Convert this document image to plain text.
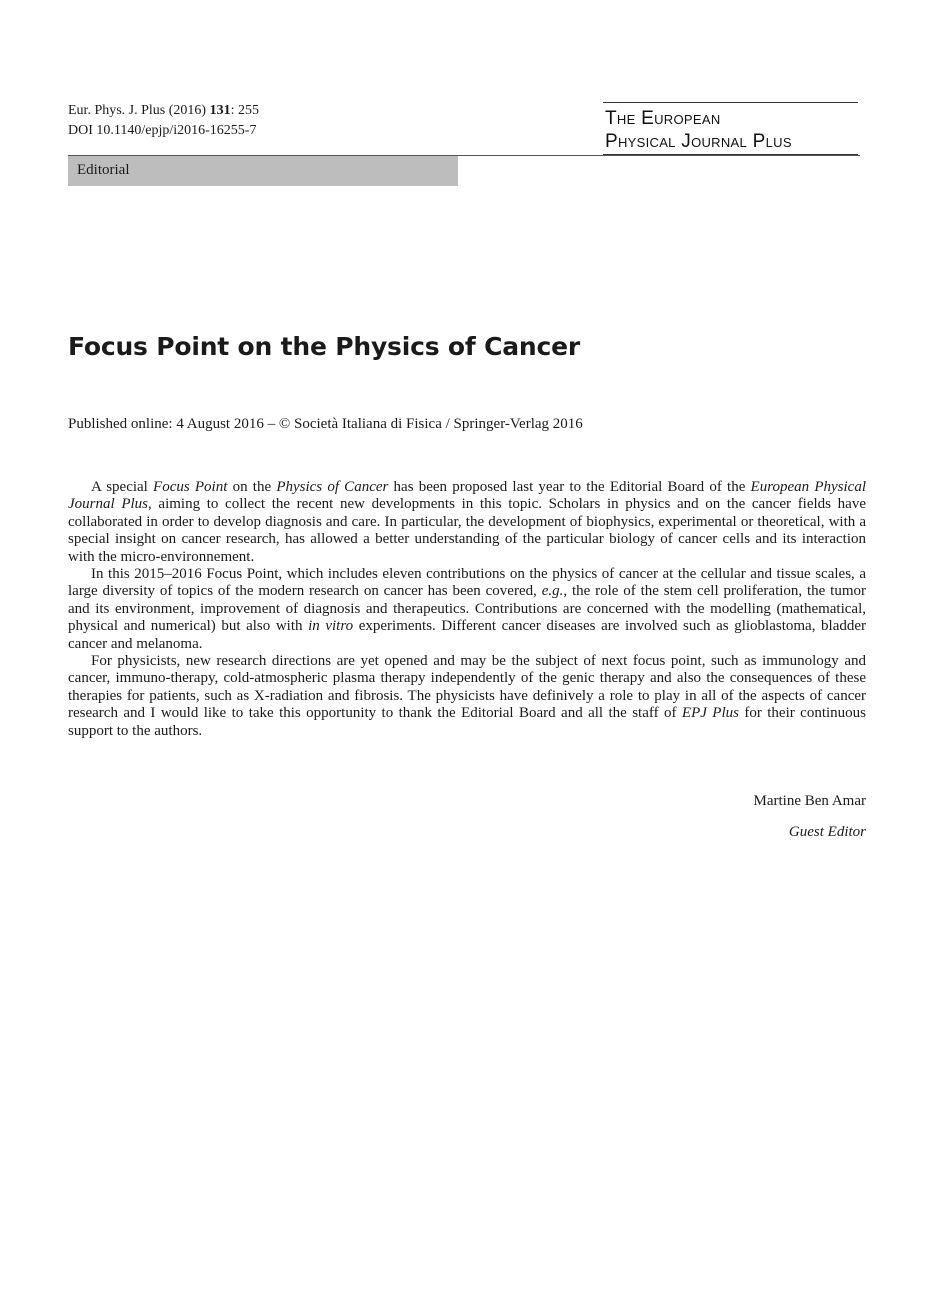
Eur. Phys. J. Plus (2016) 131: 255
DOI 10.1140/epjp/i2016-16255-7
The European
Physical Journal Plus
Editorial
Focus Point on the Physics of Cancer
Published online: 4 August 2016 – © Società Italiana di Fisica / Springer-Verlag 2016

A special Focus Point on the Physics of Cancer has been proposed last year to the Editorial Board of the European Physical Journal Plus, aiming to collect the recent new developments in this topic. Scholars in physics and on the cancer fields have collaborated in order to develop diagnosis and care. In particular, the development of biophysics, experimental or theoretical, with a special insight on cancer research, has allowed a better understanding of the particular biology of cancer cells and its interaction with the micro-environnement.

In this 2015–2016 Focus Point, which includes eleven contributions on the physics of cancer at the cellular and tissue scales, a large diversity of topics of the modern research on cancer has been covered, e.g., the role of the stem cell proliferation, the tumor and its environment, improvement of diagnosis and therapeutics. Contributions are concerned with the modelling (mathematical, physical and numerical) but also with in vitro experiments. Different cancer diseases are involved such as glioblastoma, bladder cancer and melanoma.

For physicists, new research directions are yet opened and may be the subject of next focus point, such as immunology and cancer, immuno-therapy, cold-atmospheric plasma therapy independently of the genic therapy and also the consequences of these therapies for patients, such as X-radiation and fibrosis. The physicists have definively a role to play in all of the aspects of cancer research and I would like to take this opportunity to thank the Editorial Board and all the staff of EPJ Plus for their continuous support to the authors.

Martine Ben Amar
Guest Editor
